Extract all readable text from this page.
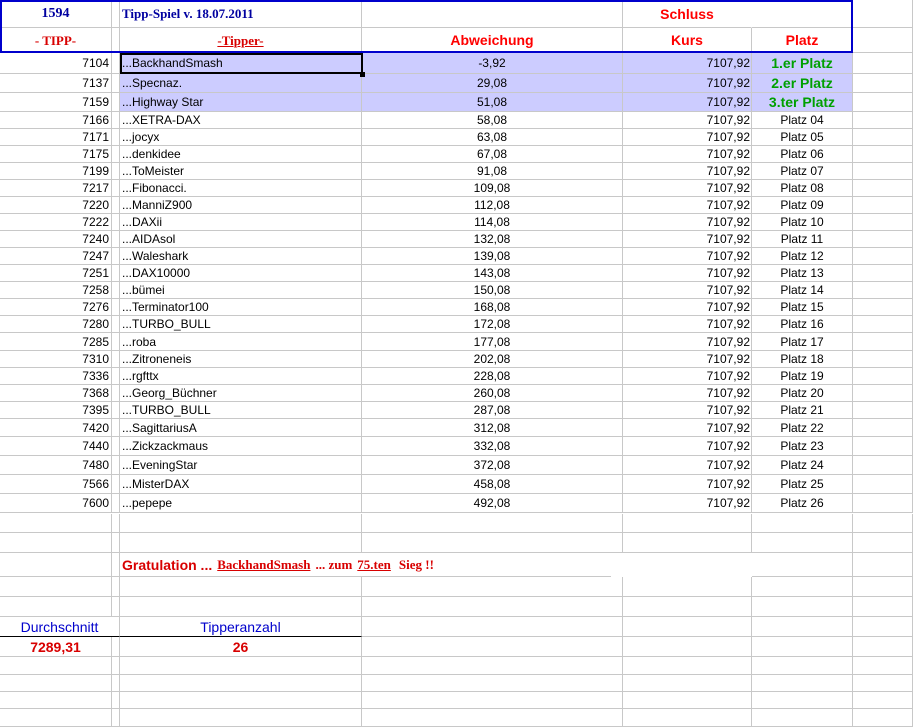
1594	Tipp-Spiel v. 18.07.2011	Schluss
- TIPP-	-Tipper-	Abweichung	Kurs	Platz
7104 ...BackhandSmash	-3,92	7107,92 1.er Platz
7137 ...Specnaz.	29,08	7107,92 2.er Platz
7159 ...Highway Star	51,08	7107,92 3.ter Platz
7166 ...XETRA-DAX	58,08	7107,92	Platz 04
7171 ...jocyx	63,08	7107,92	Platz 05
7175 ...denkidee	67,08	7107,92	Platz 06
7199 ...ToMeister	91,08	7107,92	Platz 07
7217 ...Fibonacci.	109,08	7107,92	Platz 08
7220 ...ManniZ900	112,08	7107,92	Platz 09
7222 ...DAXii	114,08	7107,92	Platz 10
7240 ...AIDAsol	132,08	7107,92	Platz 11
7247 ...Waleshark	139,08	7107,92	Platz 12
7251 ...DAX10000	143,08	7107,92	Platz 13
7258 ...bümei	150,08	7107,92	Platz 14
7276 ...Terminator100	168,08	7107,92	Platz 15
7280 ...TURBO_BULL	172,08	7107,92	Platz 16
7285 ...roba	177,08	7107,92	Platz 17
7310 ...Zitroneneis	202,08	7107,92	Platz 18
7336 ...rgfttx	228,08	7107,92	Platz 19
7368 ...Georg_Büchner	260,08	7107,92	Platz 20
7395 ...TURBO_BULL	287,08	7107,92	Platz 21
7420 ...SagittariusA	312,08	7107,92	Platz 22
7440 ...Zickzackmaus	332,08	7107,92	Platz 23
7480 ...EveningStar	372,08	7107,92	Platz 24
7566 ...MisterDAX	458,08	7107,92	Platz 25
7600 ...pepepe	492,08	7107,92	Platz 26
Gratulation ... BackhandSmash ... zum 75.ten Sieg !!
Durchschnitt	Tipperanzahl
7289,31	26
